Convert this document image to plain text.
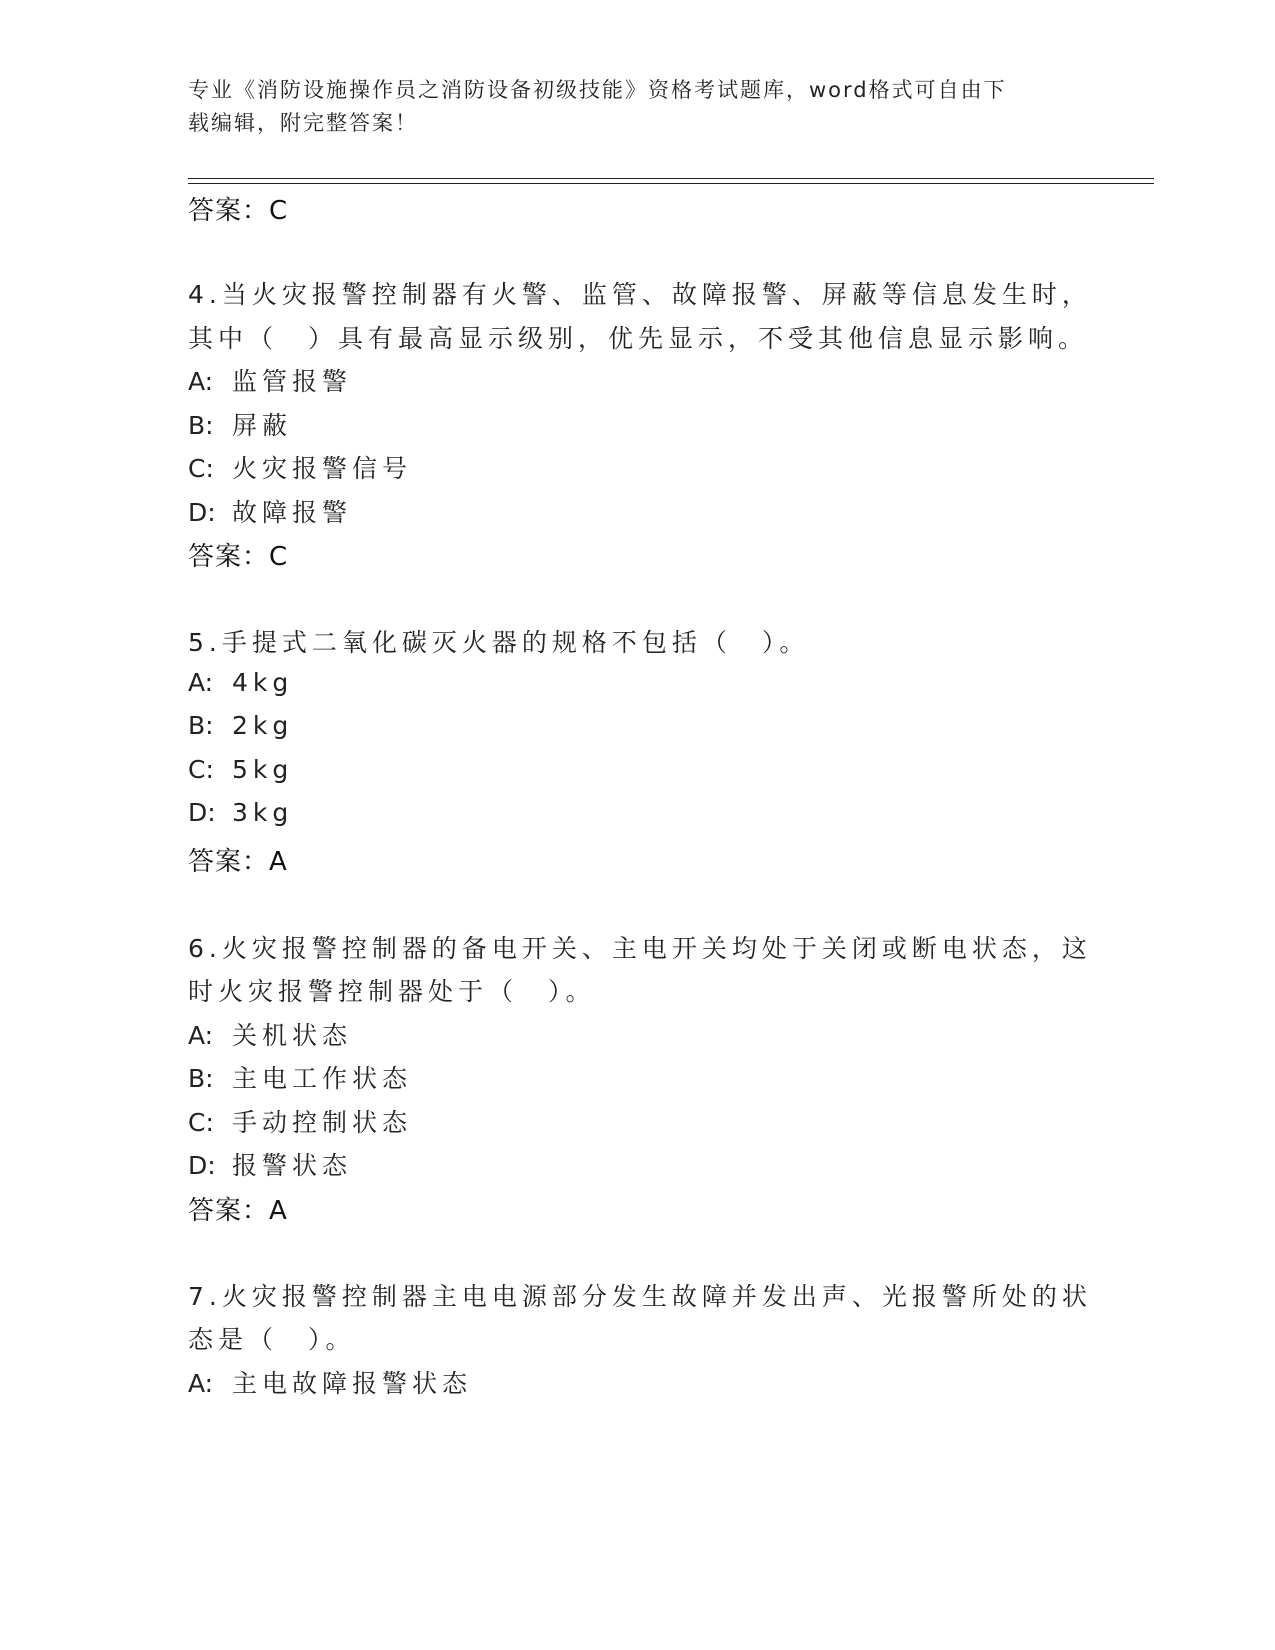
专业《消防设施操作员之消防设备初级技能》资格考试题库，word格式可自由下
载编辑，附完整答案！
答案：C
4.当火灾报警控制器有火警、监管、故障报警、屏蔽等信息发生时，
其中（　）具有最高显示级别，优先显示，不受其他信息显示影响。
A: 监管报警
B: 屏蔽
C: 火灾报警信号
D: 故障报警
答案：C
5.手提式二氧化碳灭火器的规格不包括（　）。
A: 4kg
B: 2kg
C: 5kg
D: 3kg
答案：A
6.火灾报警控制器的备电开关、主电开关均处于关闭或断电状态，这
时火灾报警控制器处于（　）。
A: 关机状态
B: 主电工作状态
C: 手动控制状态
D: 报警状态
答案：A
7.火灾报警控制器主电电源部分发生故障并发出声、光报警所处的状
态是（　）。
A: 主电故障报警状态
